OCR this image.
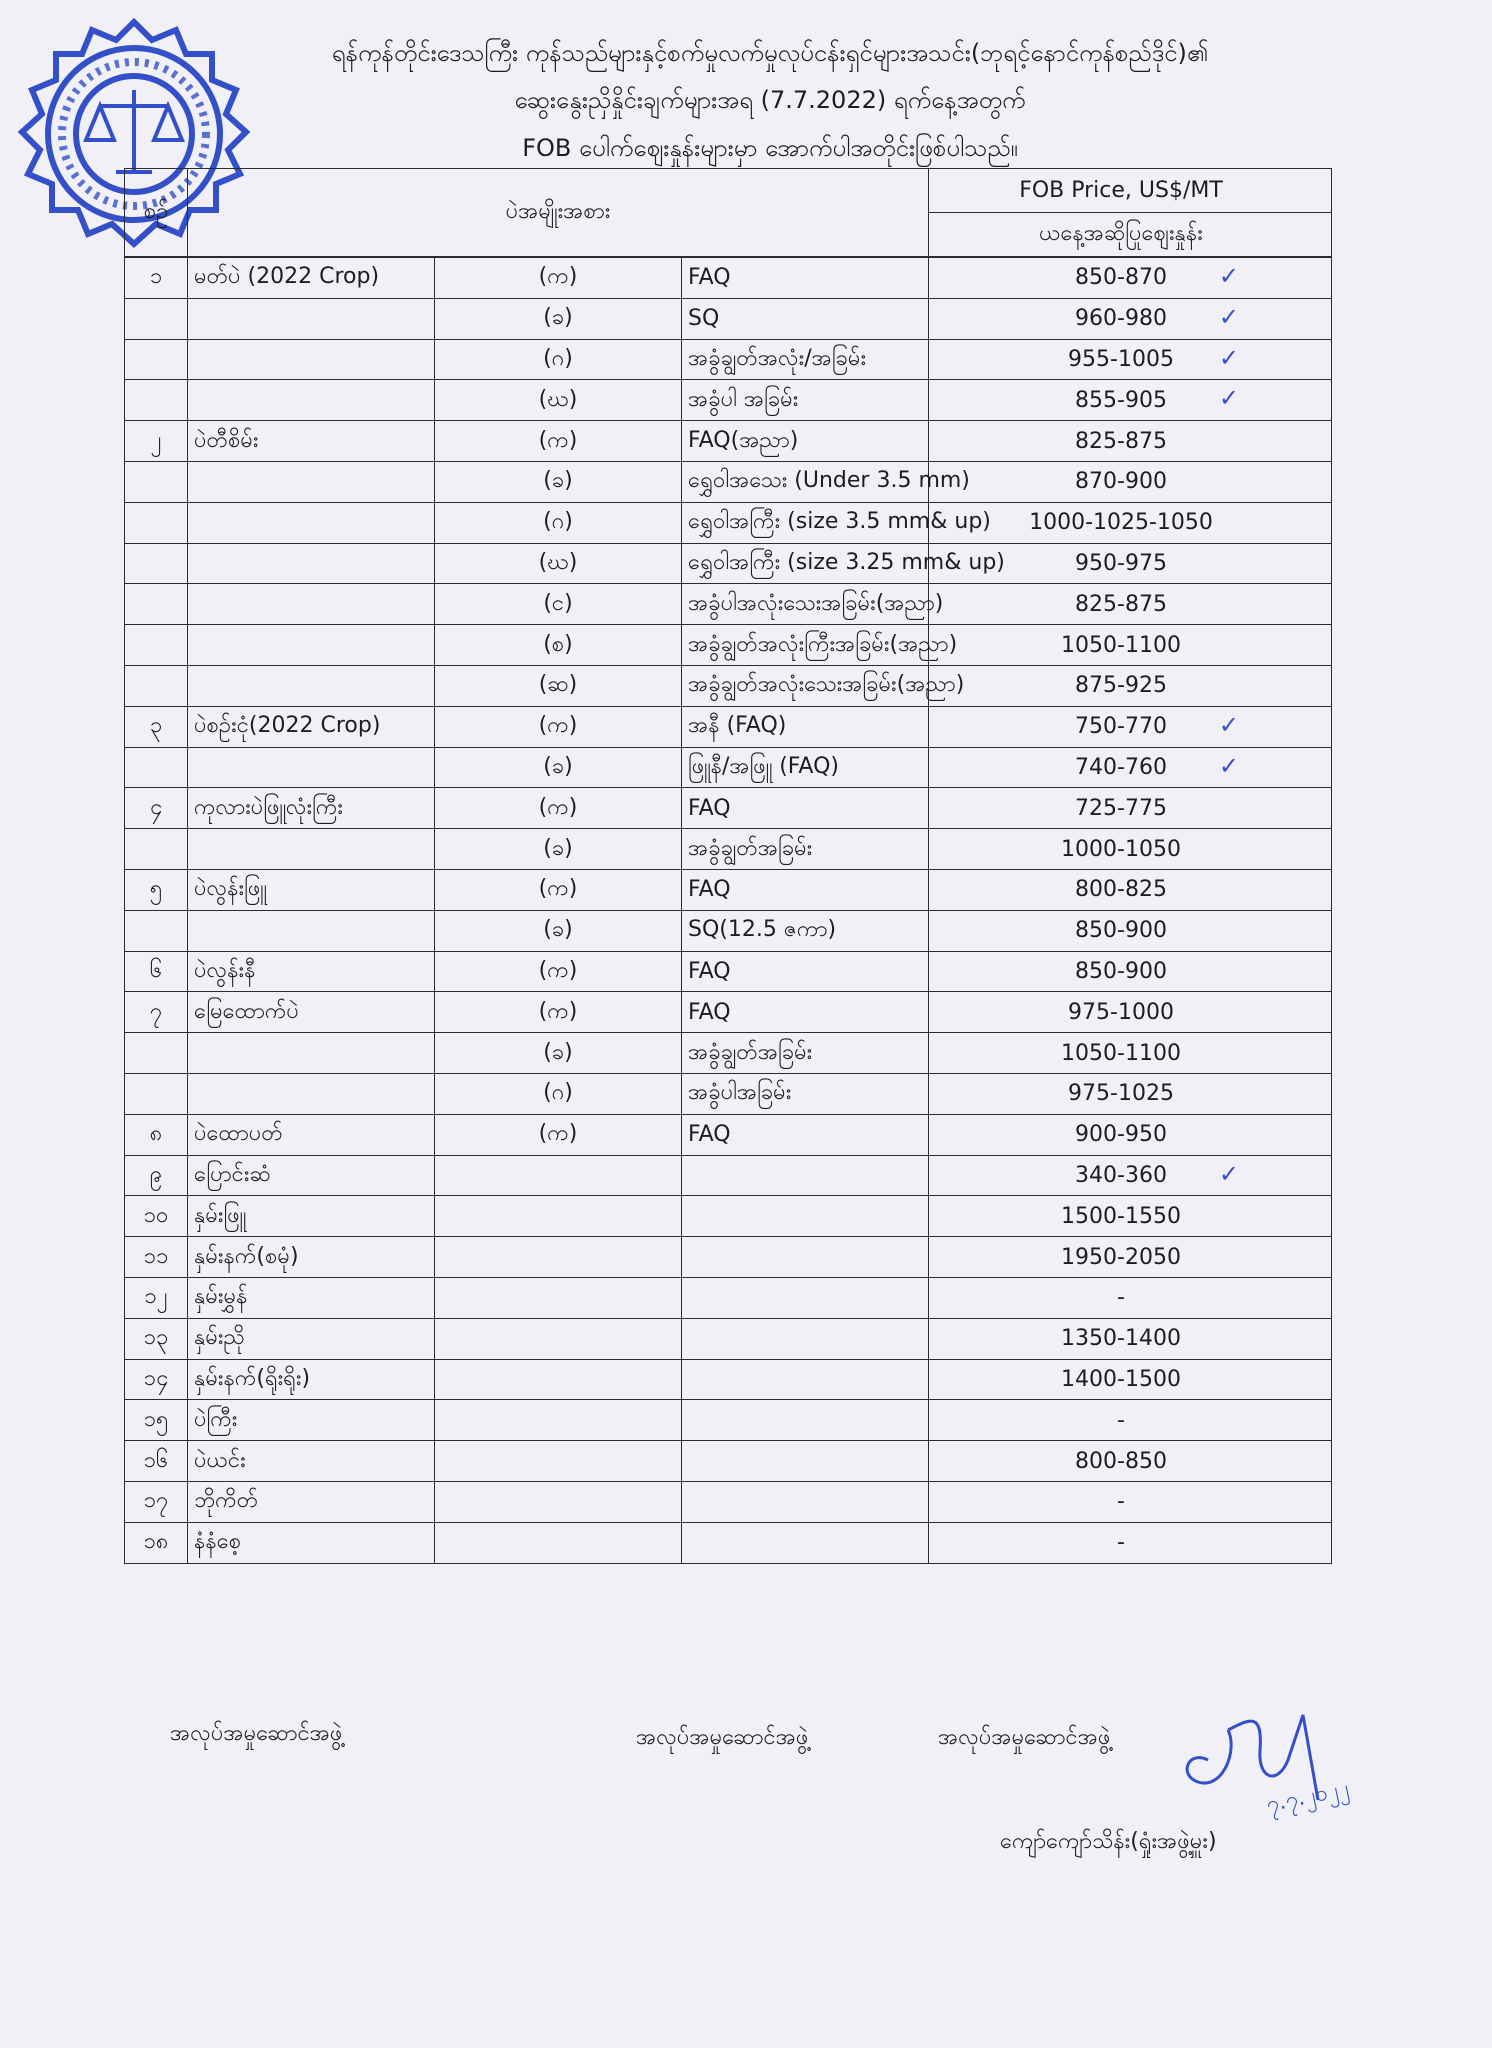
ရန်ကုန်တိုင်းဒေသကြီး ကုန်သည်များနှင့်စက်မှုလက်မှုလုပ်ငန်းရှင်များအသင်း(ဘုရင့်နောင်ကုန်စည်ဒိုင်)၏
ဆွေးနွေးညှိနှိုင်းချက်များအရ (7.7.2022) ရက်နေ့အတွက်
FOB ပေါက်ဈေးနှုန်းများမှာ အောက်ပါအတိုင်းဖြစ်ပါသည်။
စဉ်	ပဲအမျိုးအစား			FOB Price, US$/MT
				ယနေ့အဆိုပြုဈေးနှုန်း

၁	မတ်ပဲ (2022 Crop)	(က)	FAQ	850-870 ✓

		(ခ)	SQ	960-980 ✓

		(ဂ)	အခွံချွတ်အလုံး/အခြမ်း	955-1005 ✓

		(ဃ)	အခွံပါ အခြမ်း	855-905 ✓

၂	ပဲတီစိမ်း	(က)	FAQ(အညာ)	825-875

		(ခ)	ရွှေဝါအသေး (Under 3.5 mm)	870-900

		(ဂ)	ရွှေဝါအကြီး (size 3.5 mm& up)	1000-1025-1050

		(ဃ)	ရွှေဝါအကြီး (size 3.25 mm& up)	950-975

		(င)	အခွံပါအလုံးသေးအခြမ်း(အညာ)	825-875

		(စ)	အခွံချွတ်အလုံးကြီးအခြမ်း(အညာ)	1050-1100

		(ဆ)	အခွံချွတ်အလုံးသေးအခြမ်း(အညာ)	875-925

၃	ပဲစဉ်းငုံ(2022 Crop)	(က)	အနီ (FAQ)	750-770 ✓

		(ခ)	ဖြူနီ/အဖြူ (FAQ)	740-760 ✓

၄	ကုလားပဲဖြူလုံးကြီး	(က)	FAQ	725-775

		(ခ)	အခွံချွတ်အခြမ်း	1000-1050

၅	ပဲလွန်းဖြူ	(က)	FAQ	800-825

		(ခ)	SQ(12.5 ဇကာ)	850-900

၆	ပဲလွန်းနီ	(က)	FAQ	850-900

၇	မြေထောက်ပဲ	(က)	FAQ	975-1000

		(ခ)	အခွံချွတ်အခြမ်း	1050-1100

		(ဂ)	အခွံပါအခြမ်း	975-1025

၈	ပဲထောပတ်	(က)	FAQ	900-950

၉	ပြောင်းဆံ			340-360 ✓

၁၀	နှမ်းဖြူ			1500-1550

၁၁	နှမ်းနက်(စမုံ)			1950-2050

၁၂	နှမ်းမွှန်			-

၁၃	နှမ်းညို			1350-1400

၁၄	နှမ်းနက်(ရိုးရိုး)			1400-1500

၁၅	ပဲကြီး			-

၁၆	ပဲယင်း			800-850

၁၇	ဘိုကိတ်			-

၁၈	နံနံစေ့			-
အလုပ်အမှုဆောင်အဖွဲ့	အလုပ်အမှုဆောင်အဖွဲ့	အလုပ်အမှုဆောင်အဖွဲ့
၇.၇.၂၀၂၂
ကျော်ကျော်သိန်း(ရှုံးအဖွဲ့မှူး)
